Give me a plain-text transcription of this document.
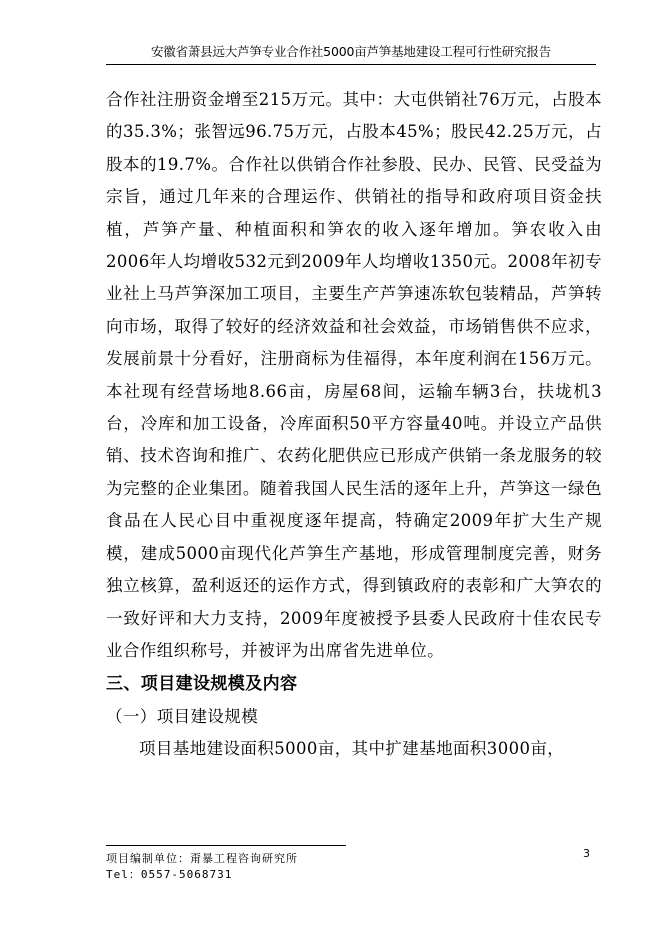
安徽省萧县远大芦笋专业合作社5000亩芦笋基地建设工程可行性研究报告

合作社注册资金增至215万元。其中：大屯供销社76万元，占股本的35.3%；张智远96.75万元，占股本45%；股民42.25万元，占股本的19.7%。合作社以供销合作社参股、民办、民管、民受益为宗旨，通过几年来的合理运作、供销社的指导和政府项目资金扶植，芦笋产量、种植面积和笋农的收入逐年增加。笋农收入由2006年人均增收532元到2009年人均增收1350元。2008年初专业社上马芦笋深加工项目，主要生产芦笋速冻软包装精品，芦笋转向市场，取得了较好的经济效益和社会效益，市场销售供不应求，发展前景十分看好，注册商标为佳福得，本年度利润在156万元。本社现有经营场地8.66亩，房屋68间，运输车辆3台，扶垅机3台，冷库和加工设备，冷库面积50平方容量40吨。并设立产品供销、技术咨询和推广、农药化肥供应已形成产供销一条龙服务的较为完整的企业集团。随着我国人民生活的逐年上升，芦笋这一绿色食品在人民心目中重视度逐年提高，特确定2009年扩大生产规模，建成5000亩现代化芦笋生产基地，形成管理制度完善，财务独立核算，盈利返还的运作方式，得到镇政府的表彰和广大笋农的一致好评和大力支持，2009年度被授予县委人民政府十佳农民专业合作组织称号，并被评为出席省先进单位。

三、项目建设规模及内容

（一）项目建设规模

项目基地建设面积5000亩，其中扩建基地面积3000亩，

项目编制单位：甭暴工程咨询研究所
Tel：0557-5068731
3
